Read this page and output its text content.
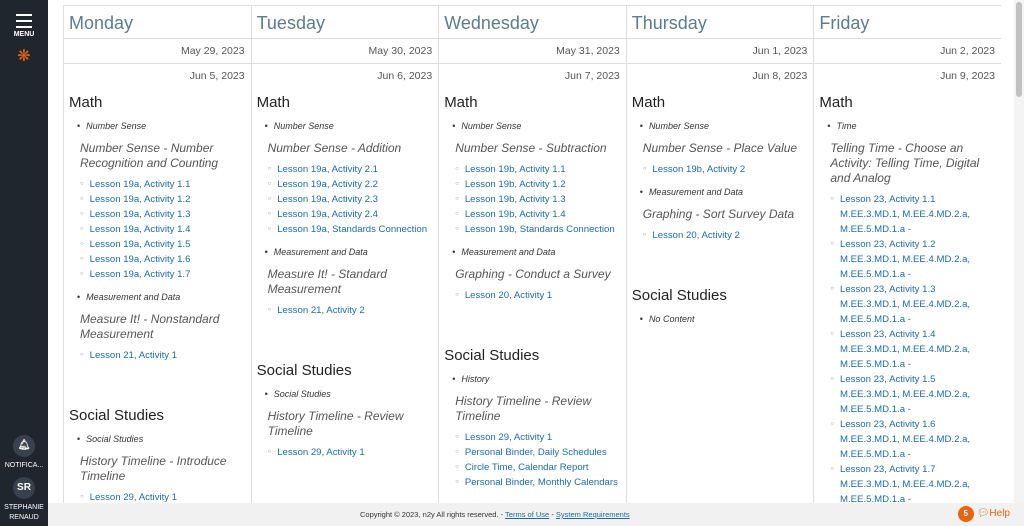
MENU
❋
🔔︎
NOTIFICA...
SR
STEPHANIE RENAUD
Monday
May 29, 2023
Jun 5, 2023
Math
• Number Sense
Number Sense - Number Recognition and Counting
○ Lesson 19a, Activity 1.1
○ Lesson 19a, Activity 1.2
○ Lesson 19a, Activity 1.3
○ Lesson 19a, Activity 1.4
○ Lesson 19a, Activity 1.5
○ Lesson 19a, Activity 1.6
○ Lesson 19a, Activity 1.7
• Measurement and Data
Measure It! - Nonstandard Measurement
○ Lesson 21, Activity 1
Social Studies
• Social Studies
History Timeline - Introduce Timeline
○ Lesson 29, Activity 1
Tuesday
May 30, 2023
Jun 6, 2023
Math
• Number Sense
Number Sense - Addition
○ Lesson 19a, Activity 2.1
○ Lesson 19a, Activity 2.2
○ Lesson 19a, Activity 2.3
○ Lesson 19a, Activity 2.4
○ Lesson 19a, Standards Connection
• Measurement and Data
Measure It! - Standard Measurement
○ Lesson 21, Activity 2
Social Studies
• Social Studies
History Timeline - Review Timeline
○ Lesson 29, Activity 1
Wednesday
May 31, 2023
Jun 7, 2023
Math
• Number Sense
Number Sense - Subtraction
○ Lesson 19b, Activity 1.1
○ Lesson 19b, Activity 1.2
○ Lesson 19b, Activity 1.3
○ Lesson 19b, Activity 1.4
○ Lesson 19b, Standards Connection
• Measurement and Data
Graphing - Conduct a Survey
○ Lesson 20, Activity 1
Social Studies
• History
History Timeline - Review Timeline
○ Lesson 29, Activity 1
○ Personal Binder, Daily Schedules
○ Circle Time, Calendar Report
○ Personal Binder, Monthly Calendars
Thursday
Jun 1, 2023
Jun 8, 2023
Math
• Number Sense
Number Sense - Place Value
○ Lesson 19b, Activity 2
• Measurement and Data
Graphing - Sort Survey Data
○ Lesson 20, Activity 2
Social Studies
• No Content
Friday
Jun 2, 2023
Jun 9, 2023
Math
• Time
Telling Time - Choose an Activity: Telling Time, Digital and Analog
○ Lesson 23, Activity 1.1 M.EE.3.MD.1, M.EE.4.MD.2.a, M.EE.5.MD.1.a -
○ Lesson 23, Activity 1.2 M.EE.3.MD.1, M.EE.4.MD.2.a, M.EE.5.MD.1.a -
○ Lesson 23, Activity 1.3 M.EE.3.MD.1, M.EE.4.MD.2.a, M.EE.5.MD.1.a -
○ Lesson 23, Activity 1.4 M.EE.3.MD.1, M.EE.4.MD.2.a, M.EE.5.MD.1.a -
○ Lesson 23, Activity 1.5 M.EE.3.MD.1, M.EE.4.MD.2.a, M.EE.5.MD.1.a -
○ Lesson 23, Activity 1.6 M.EE.3.MD.1, M.EE.4.MD.2.a, M.EE.5.MD.1.a -
○ Lesson 23, Activity 1.7 M.EE.3.MD.1, M.EE.4.MD.2.a, M.EE.5.MD.1.a -
Copyright © 2023, n2y All rights reserved. - Terms of Use - System Requirements	5 💬︎ Help
